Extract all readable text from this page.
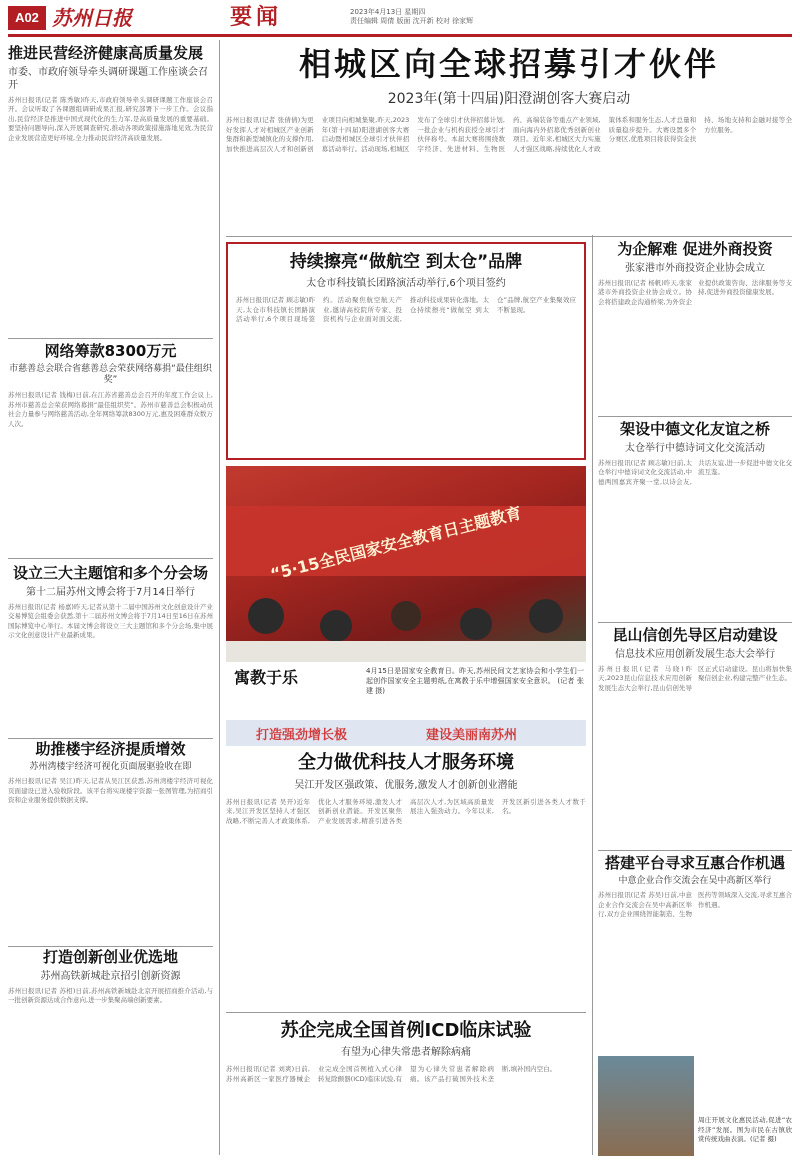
A02 苏州日报	要闻	2023年4月13日 星期四
责任编辑 周倩 版面 沈开新 校对 徐家辉
推进民营经济健康高质量发展
市委、市政府领导牵头调研课题工作座谈会召开
苏州日报讯(记者 陈秀敏)昨天,市政府领导牵头调研课题工作座谈会召开。会议听取了各课题组调研成果汇报,研究部署下一步工作。会议指出,民营经济是推进中国式现代化的生力军,是高质量发展的重要基础。要坚持问题导向,深入开展调查研究,推动各项政策措施落地见效,为民营企业发展营造更好环境,全力推动民营经济高质量发展。
网络筹款8300万元
市慈善总会联合省慈善总会荣获网络募捐“最佳组织奖”
苏州日报讯(记者 钱梅)日前,在江苏省慈善总会召开的年度工作会议上,苏州市慈善总会荣获网络募捐“最佳组织奖”。苏州市慈善总会积极动员社会力量参与网络慈善活动,全年网络筹款8300万元,惠及困难群众数万人次。
设立三大主题馆和多个分会场
第十二届苏州文博会将于7月14日举行
苏州日报讯(记者 杨嘉)昨天,记者从第十二届中国苏州文化创意设计产业交易博览会组委会获悉,第十二届苏州文博会将于7月14日至16日在苏州国际博览中心举行。本届文博会将设立三大主题馆和多个分会场,集中展示文化创意设计产业最新成果。
助推楼宇经济提质增效
苏州湾楼宇经济可视化页面展驱验收在即
苏州日报讯(记者 吴江)昨天,记者从吴江区获悉,苏州湾楼宇经济可视化页面建设已进入验收阶段。该平台将实现楼宇资源一张图管理,为招商引资和企业服务提供数据支撑。
打造创新创业优选地
苏州高铁新城赴京招引创新资源
苏州日报讯(记者 苏相)日前,苏州高铁新城赴北京开展招商推介活动,与一批创新资源达成合作意向,进一步集聚高端创新要素。
相城区向全球招募引才伙伴
2023年(第十四届)阳澄湖创客大赛启动
苏州日报讯(记者 张倩倩)为更好发挥人才对相城区产业创新集群和新型城镇化的支撑作用,加快推进高层次人才和创新创业项目向相城集聚,昨天,2023年(第十四届)阳澄湖创客大赛启动暨相城区全球引才伙伴招募活动举行。活动现场,相城区发布了全球引才伙伴招募计划,一批企业与机构获授全球引才伙伴称号。本届大赛将围绕数字经济、先进材料、生物医药、高端装备等重点产业领域,面向海内外招募优秀创新创业项目。近年来,相城区大力实施人才强区战略,持续优化人才政策体系和服务生态,人才总量和质量稳步提升。大赛设置多个分赛区,优胜项目将获得资金扶持、场地支持和金融对接等全方位服务。
持续擦亮“做航空 到太仓”品牌
太仓市科技镇长团路演活动举行,6个项目签约
苏州日报讯(记者 顾志敏)昨天,太仓市科技镇长团路演活动举行,6个项目现场签约。活动聚焦航空航天产业,邀请高校院所专家、投资机构与企业面对面交流,推动科技成果转化落地。太仓持续擦亮“做航空 到太仓”品牌,航空产业集聚效应不断显现。
“5·15全民国家安全教育日主题教育
寓教于乐	4月15日是国家安全教育日。昨天,苏州民间文艺家协会和小学生们一起创作国家安全主题剪纸,在寓教于乐中增强国家安全意识。 (记者 张建 摄)
打造强劲增长极	建设美丽南苏州
全力做优科技人才服务环境
吴江开发区强政策、优服务,激发人才创新创业潜能
苏州日报讯(记者 吴开)近年来,吴江开发区坚持人才强区战略,不断完善人才政策体系,优化人才服务环境,激发人才创新创业潜能。开发区聚焦产业发展需求,精准引进各类高层次人才,为区域高质量发展注入强劲动力。今年以来,开发区新引进各类人才数千名。
苏企完成全国首例ICD临床试验
有望为心律失常患者解除病痛
苏州日报讯(记者 刘爽)日前,苏州高新区一家医疗器械企业完成全国首例植入式心律转复除颤器(ICD)临床试验,有望为心律失常患者解除病痛。该产品打破国外技术垄断,填补国内空白。
为企解难 促进外商投资
张家港市外商投资企业协会成立
苏州日报讯(记者 杨帆)昨天,张家港市外商投资企业协会成立。协会将搭建政企沟通桥梁,为外资企业提供政策咨询、法律服务等支持,促进外商投资健康发展。
架设中德文化友谊之桥
太仓举行中德诗词文化交流活动
苏州日报讯(记者 顾志敏)日前,太仓举行中德诗词文化交流活动,中德两国嘉宾齐聚一堂,以诗会友,共话友谊,进一步促进中德文化交流互鉴。
昆山信创先导区启动建设
信息技术应用创新发展生态大会举行
苏州日报讯(记者 马晓)昨天,2023昆山信息技术应用创新发展生态大会举行,昆山信创先导区正式启动建设。昆山将加快集聚信创企业,构建完整产业生态。
搭建平台寻求互惠合作机遇
中意企业合作交流会在吴中高新区举行
苏州日报讯(记者 苏吴)日前,中意企业合作交流会在吴中高新区举行,双方企业围绕智能制造、生物医药等领域深入交流,寻求互惠合作机遇。
周庄开展文化惠民活动,促进“农经济”发展。图为市民在古镇欣赏传统戏曲表演。(记者 摄)
